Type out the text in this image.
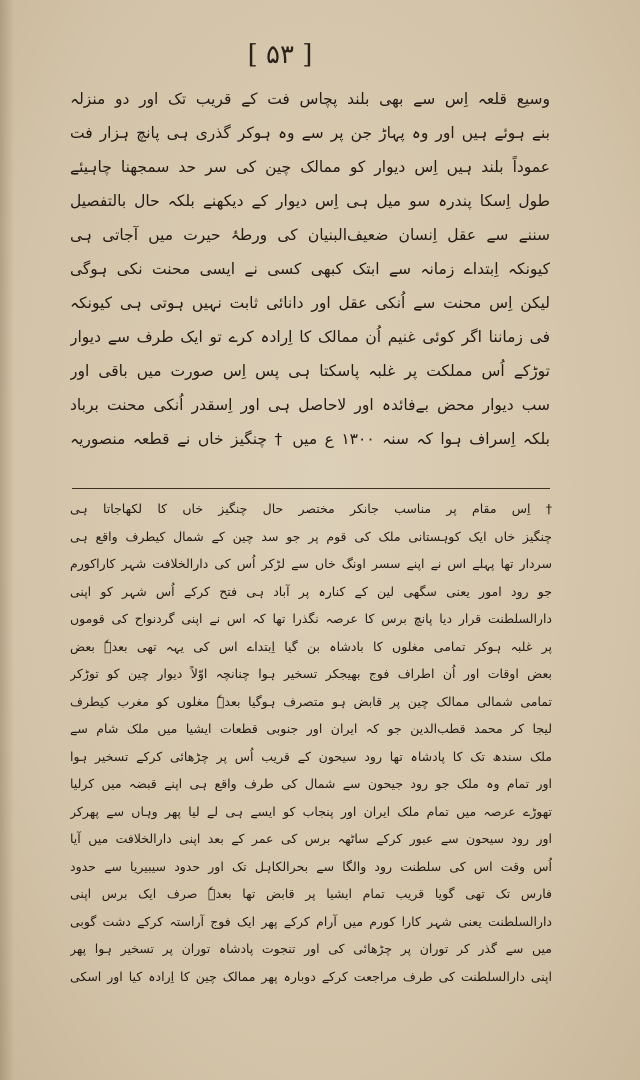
[ ۵۳ ]
وسیع قلعہ اِس سے بھی بلند پچاس فت کے قریب تک اور دو منزلہ
بنے ہوئے ہیں اور وہ پہاڑ جن پر سے وہ ہوکر گذری ہی پانچ ہزار فت
عموداً بلند ہیں اِس دیوار کو ممالک چین کی سر حد سمجھنا چاہیئے
طول اِسکا پندرہ سو میل ہی اِس دیوار کے دیکھنے بلکہ حال بالتفصیل
سننے سے عقل اِنسان ضعیف‌البنیان کی ورطۂ حیرت میں آجاتی ہی
کیونکہ اِبتداے زمانہ سے ابتک کبھی کسی نے ایسی محنت نکی ہوگی
لیکن اِس محنت سے اُنکی عقل اور دانائی ثابت نہیں ہوتی ہی کیونکہ
فی زماننا اگر کوئی غنیم اُن ممالک کا اِرادہ کرے تو ایک طرف سے دیوار
توڑکے اُس مملکت پر غلبہ پاسکتا ہی پس اِس صورت میں باقی اور
سب دیوار محض بےفائدہ اور لاحاصل ہی اور اِسقدر اُنکی محنت برباد
بلکہ اِسراف ہوا کہ سنہ ۱۳۰۰ ع میں † چنگیز خاں نے قطعہ منصوریہ
† اِس مقام پر مناسب جانکر مختصر حال چنگیز خاں کا لکھاجاتا ہی
چنگیز خاں ایک کوہستانی ملک کی قوم پر جو سد چین کے شمال کیطرف واقع ہی
سردار تھا پہلے اس نے اپنے سسر اونگ خاں سے لڑکر اُس کی دارالخلافت شہر کاراکورم
جو رود امور یعنی سگھی لین کے کنارہ پر آباد ہی فتح کرکے اُس شہر کو اپنی
دارالسلطنت قرار دیا پانچ برس کا عرصہ نگذرا تھا کہ اس نے اپنی گردنواح کی قوموں
پر غلبہ ہوکر تمامی مغلوں کا بادشاہ بن گیا اِبتداے اس کی یہہ تھی بعدہٗ بعض
بعض اوقات اور اُن اطراف فوج بھیجکر تسخیر ہوا چنانچہ اوّلاً دیوار چین کو توڑکر
تمامی شمالی ممالک چین پر قابض ہو متصرف ہوگیا بعدہٗ مغلوں کو مغرب کیطرف
لیجا کر محمد قطب‌الدین جو کہ ایران اور جنوبی قطعات ایشیا میں ملک شام سے
ملک سندھ تک کا پادشاہ تھا رود سیحون کے قریب اُس پر چڑھائی کرکے تسخیر ہوا
اور تمام وہ ملک جو رود جیحون سے شمال کی طرف واقع ہی اپنے قبضہ میں کرلیا
تھوڑے عرصہ میں تمام ملک ایران اور پنجاب کو ایسے ہی لے لیا پھر وہاں سے پھرکر
اور رود سیحون سے عبور کرکے ساٹھہ برس کی عمر کے بعد اپنی دارالخلافت میں آیا
اُس وقت اس کی سلطنت رود والگا سے بحرالکاہل تک اور حدود سیبیریا سے حدود
فارس تک تھی گویا قریب تمام ایشیا پر قابض تھا بعدہٗ صرف ایک برس اپنی
دارالسلطنت یعنی شہر کارا کورم میں آرام کرکے پھر ایک فوج آراستہ کرکے دشت گوبی
میں سے گذر کر توران پر چڑھائی کی اور تنجوت پادشاہ توران پر تسخیر ہوا پھر
اپنی دارالسلطنت کی طرف مراجعت کرکے دوبارہ پھر ممالک چین کا اِرادہ کیا اور اسکی
